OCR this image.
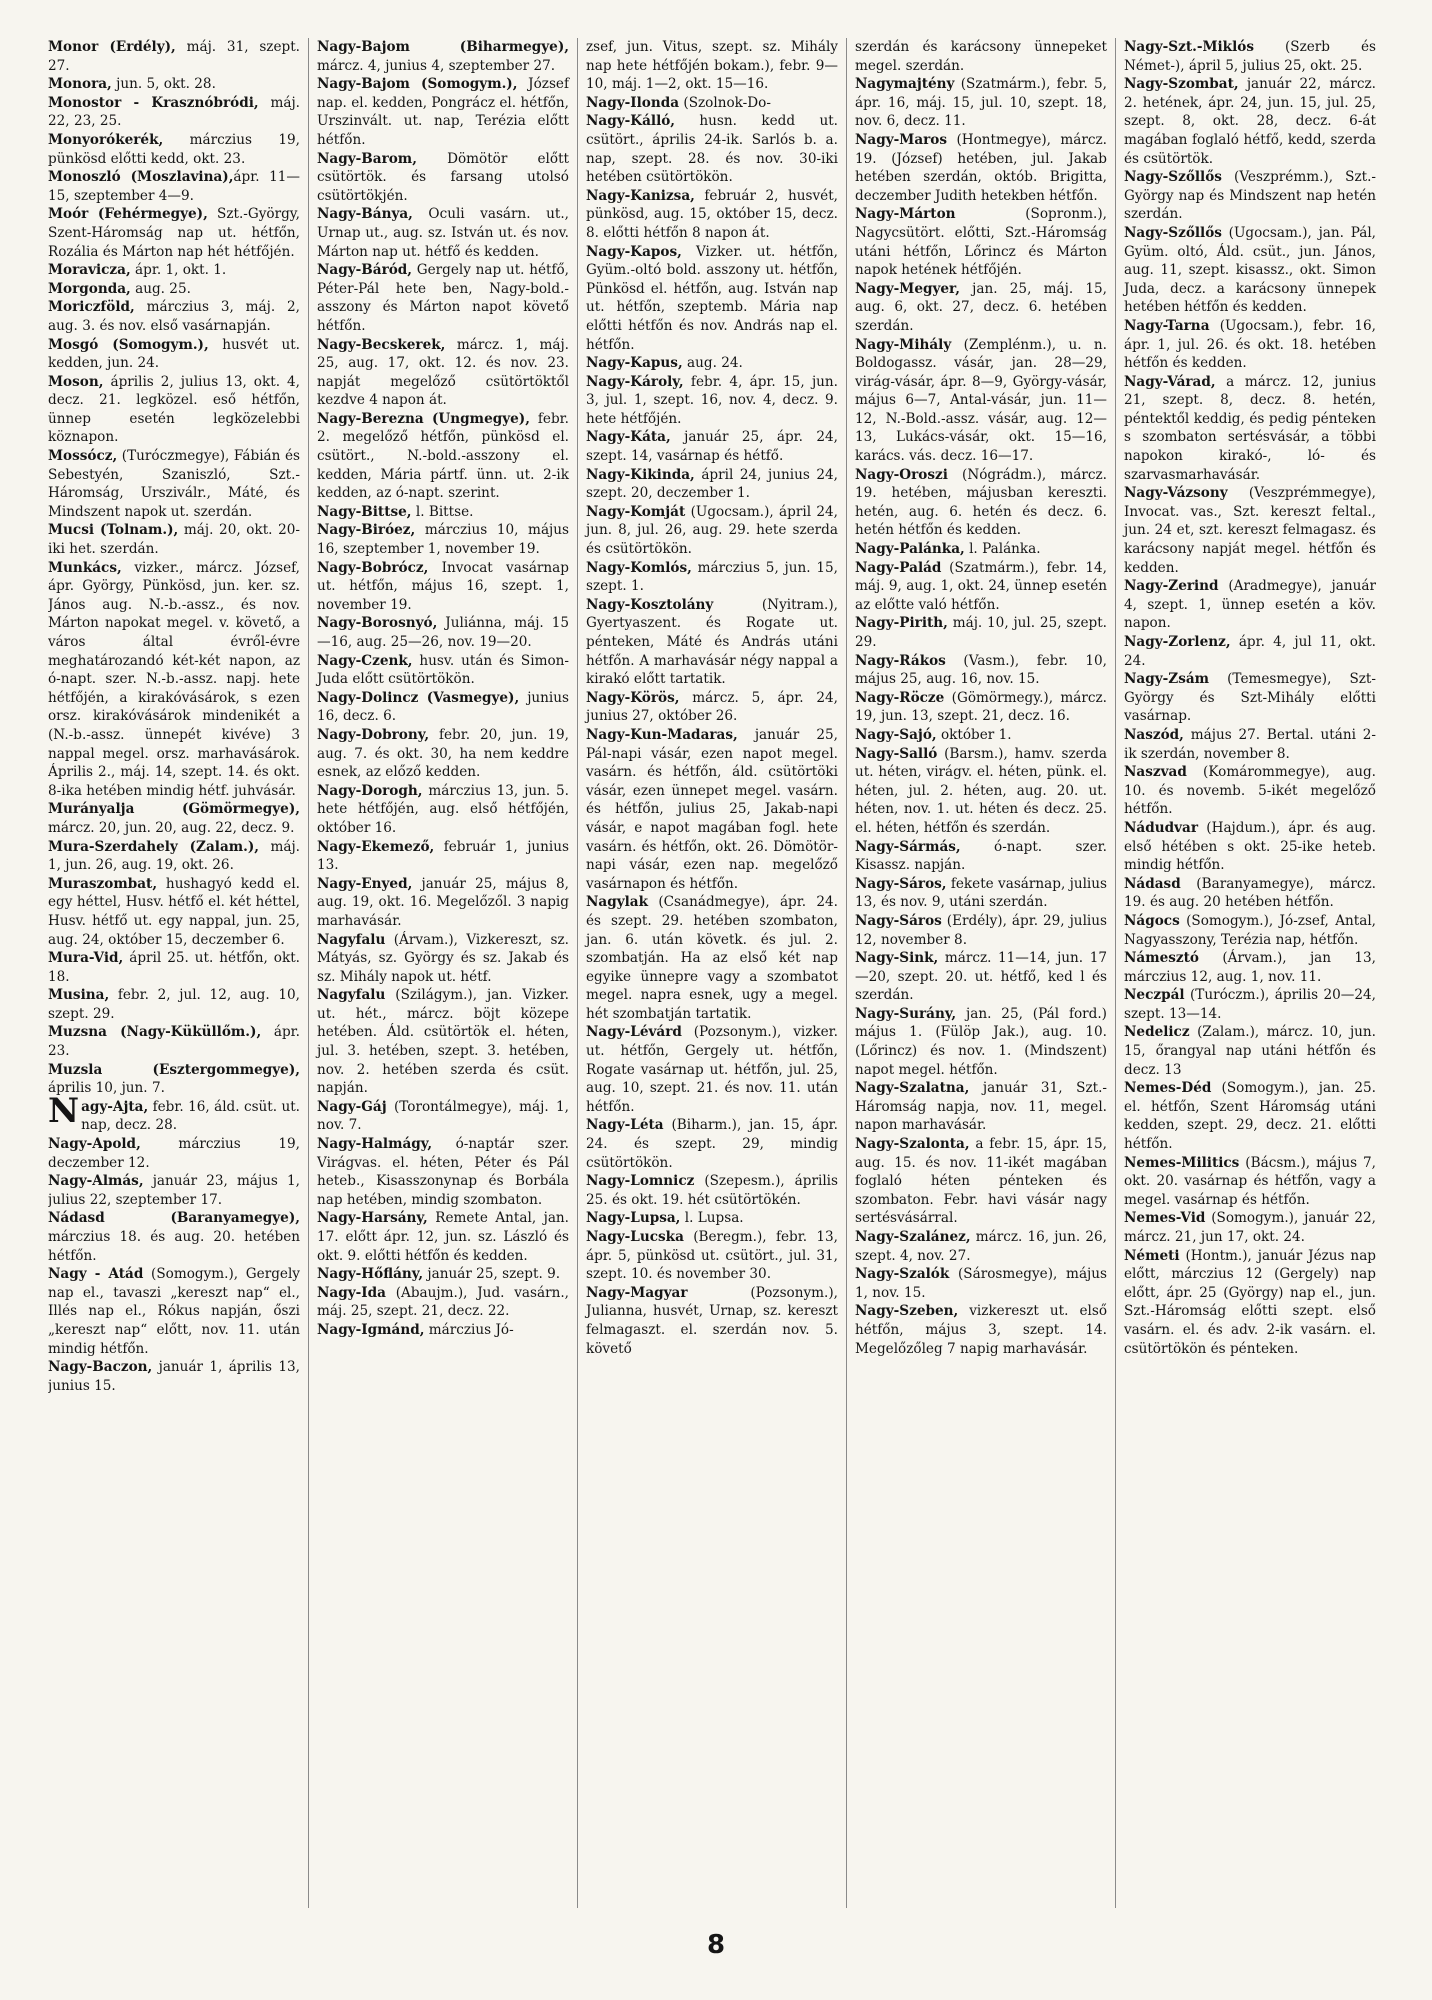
Monor (Erdély), máj. 31, szept. 27.

Monora, jun. 5, okt. 28.

Monostor - Krasznóbródi, máj. 22, 23, 25.

Monyorókerék, márczius 19, pünkösd előtti kedd, okt. 23.

Monoszló (Moszlavina),ápr. 11—15, szeptember 4—9.

Moór (Fehérmegye), Szt.-György, Szent-Háromság nap ut. hétfőn, Rozália és Márton nap hét hétfőjén.

Moravicza, ápr. 1, okt. 1.

Morgonda, aug. 25.

Moriczföld, márczius 3, máj. 2, aug. 3. és nov. első vasárnapján.

Mosgó (Somogym.), husvét ut. kedden, jun. 24.

Moson, április 2, julius 13, okt. 4, decz. 21. legközel. eső hétfőn, ünnep esetén legközelebbi köznapon.

Mossócz, (Turóczmegye), Fábián és Sebestyén, Szaniszló, Szt.-Háromság, Ursziválr., Máté, és Mindszent napok ut. szerdán.

Mucsi (Tolnam.), máj. 20, okt. 20-iki het. szerdán.

Munkács, vizker., márcz. József, ápr. György, Pünkösd, jun. ker. sz. János aug. N.-b.-assz., és nov. Márton napokat megel. v. követő, a város által évről-évre meghatározandó két-két napon, az ó-napt. szer. N.-b.-assz. napj. hete hétfőjén, a kirakóvásárok, s ezen orsz. kirakóvásárok mindenikét a (N.-b.-assz. ünnepét kivéve) 3 nappal megel. orsz. marhavásárok. Április 2., máj. 14, szept. 14. és okt. 8-ika hetében mindig hétf. juhvásár.

Murányalja (Gömörmegye), márcz. 20, jun. 20, aug. 22, decz. 9.

Mura-Szerdahely (Zalam.), máj. 1, jun. 26, aug. 19, okt. 26.

Muraszombat, hushagyó kedd el. egy héttel, Husv. hétfő el. két héttel, Husv. hétfő ut. egy nappal, jun. 25, aug. 24, október 15, deczember 6.

Mura-Vid, ápril 25. ut. hétfőn, okt. 18.

Musina, febr. 2, jul. 12, aug. 10, szept. 29.

Muzsna (Nagy-Küküllőm.), ápr. 23.

Muzsla (Esztergommegye), április 10, jun. 7.

Nagy-Ajta, febr. 16, áld. csüt. ut. nap, decz. 28.

Nagy-Apold, márczius 19, deczember 12.

Nagy-Almás, január 23, május 1, julius 22, szeptember 17.

Nádasd (Baranyamegye), márczius 18. és aug. 20. hetében hétfőn.

Nagy - Atád (Somogym.), Gergely nap el., tavaszi „kereszt nap“ el., Illés nap el., Rókus napján, őszi „kereszt nap“ előtt, nov. 11. után mindig hétfőn.

Nagy-Baczon, január 1, április 13, junius 15.

Nagy-Bajom (Biharmegye), márcz. 4, junius 4, szeptember 27.

Nagy-Bajom (Somogym.), József nap. el. kedden, Pongrácz el. hétfőn, Urszinvált. ut. nap, Terézia előtt hétfőn.

Nagy-Barom, Dömötör előtt csütörtök. és farsang utolsó csütörtökjén.

Nagy-Bánya, Oculi vasárn. ut., Urnap ut., aug. sz. István ut. és nov. Márton nap ut. hétfő és kedden.

Nagy-Báród, Gergely nap ut. hétfő, Péter-Pál hete ben, Nagy-bold.-asszony és Márton napot követő hétfőn.

Nagy-Becskerek, márcz. 1, máj. 25, aug. 17, okt. 12. és nov. 23. napját megelőző csütörtöktől kezdve 4 napon át.

Nagy-Berezna (Ungmegye), febr. 2. megelőző hétfőn, pünkösd el. csütört., N.-bold.-asszony el. kedden, Mária pártf. ünn. ut. 2-ik kedden, az ó-napt. szerint.

Nagy-Bittse, l. Bittse.

Nagy-Biróez, márczius 10, május 16, szeptember 1, november 19.

Nagy-Bobrócz, Invocat vasárnap ut. hétfőn, május 16, szept. 1, november 19.

Nagy-Borosnyó, Juliánna, máj. 15—16, aug. 25—26, nov. 19—20.

Nagy-Czenk, husv. után és Simon-Juda előtt csütörtökön.

Nagy-Dolincz (Vasmegye), junius 16, decz. 6.

Nagy-Dobrony, febr. 20, jun. 19, aug. 7. és okt. 30, ha nem keddre esnek, az előző kedden.

Nagy-Dorogh, márczius 13, jun. 5. hete hétfőjén, aug. első hétfőjén, október 16.

Nagy-Ekemező, február 1, junius 13.

Nagy-Enyed, január 25, május 8, aug. 19, okt. 16. Megelőzől. 3 napig marhavásár.

Nagyfalu (Árvam.), Vizkereszt, sz. Mátyás, sz. György és sz. Jakab és sz. Mihály napok ut. hétf.

Nagyfalu (Szilágym.), jan. Vizker. ut. hét., márcz. böjt közepe hetében. Áld. csütörtök el. héten, jul. 3. hetében, szept. 3. hetében, nov. 2. hetében szerda és csüt. napján.

Nagy-Gáj (Torontálmegye), máj. 1, nov. 7.

Nagy-Halmágy, ó-naptár szer. Virágvas. el. héten, Péter és Pál heteb., Kisasszonynap és Borbála nap hetében, mindig szombaton.

Nagy-Harsány, Remete Antal, jan. 17. előtt ápr. 12, jun. sz. László és okt. 9. előtti hétfőn és kedden.

Nagy-Hőflány, január 25, szept. 9.

Nagy-Ida (Abaujm.), Jud. vasárn., máj. 25, szept. 21, decz. 22.

Nagy-Igmánd, márczius Jó-

zsef, jun. Vitus, szept. sz. Mihály nap hete hétfőjén bokam.), febr. 9—10, máj. 1—2, okt. 15—16.

Nagy-Ilonda (Szolnok-Do-

Nagy-Kálló, husn. kedd ut. csütört., április 24-ik. Sarlós b. a. nap, szept. 28. és nov. 30-iki hetében csütörtökön.

Nagy-Kanizsa, február 2, husvét, pünkösd, aug. 15, október 15, decz. 8. előtti hétfőn 8 napon át.

Nagy-Kapos, Vizker. ut. hétfőn, Gyüm.-oltó bold. asszony ut. hétfőn, Pünkösd el. hétfőn, aug. István nap ut. hétfőn, szeptemb. Mária nap előtti hétfőn és nov. András nap el. hétfőn.

Nagy-Kapus, aug. 24.

Nagy-Károly, febr. 4, ápr. 15, jun. 3, jul. 1, szept. 16, nov. 4, decz. 9. hete hétfőjén.

Nagy-Káta, január 25, ápr. 24, szept. 14, vasárnap és hétfő.

Nagy-Kikinda, ápril 24, junius 24, szept. 20, deczember 1.

Nagy-Komját (Ugocsam.), ápril 24, jun. 8, jul. 26, aug. 29. hete szerda és csütörtökön.

Nagy-Komlós, márczius 5, jun. 15, szept. 1.

Nagy-Kosztolány (Nyitram.), Gyertyaszent. és Rogate ut. pénteken, Máté és András utáni hétfőn. A marhavásár négy nappal a kirakó előtt tartatik.

Nagy-Körös, márcz. 5, ápr. 24, junius 27, október 26.

Nagy-Kun-Madaras, január 25, Pál-napi vásár, ezen napot megel. vasárn. és hétfőn, áld. csütörtöki vásár, ezen ünnepet megel. vasárn. és hétfőn, julius 25, Jakab-napi vásár, e napot magában fogl. hete vasárn. és hétfőn, okt. 26. Dömötör-napi vásár, ezen nap. megelőző vasárnapon és hétfőn.

Nagylak (Csanádmegye), ápr. 24. és szept. 29. hetében szombaton, jan. 6. után követk. és jul. 2. szombatján. Ha az első két nap egyike ünnepre vagy a szombatot megel. napra esnek, ugy a megel. hét szombatján tartatik.

Nagy-Lévárd (Pozsonym.), vizker. ut. hétfőn, Gergely ut. hétfőn, Rogate vasárnap ut. hétfőn, jul. 25, aug. 10, szept. 21. és nov. 11. után hétfőn.

Nagy-Léta (Biharm.), jan. 15, ápr. 24. és szept. 29, mindig csütörtökön.

Nagy-Lomnicz (Szepesm.), április 25. és okt. 19. hét csütörtökén.

Nagy-Lupsa, l. Lupsa.

Nagy-Lucska (Beregm.), febr. 13, ápr. 5, pünkösd ut. csütört., jul. 31, szept. 10. és november 30.

Nagy-Magyar (Pozsonym.), Julianna, husvét, Urnap, sz. kereszt felmagaszt. el. szerdán nov. 5. követő

szerdán és karácsony ünnepeket megel. szerdán.

Nagymajtény (Szatmárm.), febr. 5, ápr. 16, máj. 15, jul. 10, szept. 18, nov. 6, decz. 11.

Nagy-Maros (Hontmegye), márcz. 19. (József) hetében, jul. Jakab hetében szerdán, októb. Brigitta, deczember Judith hetekben hétfőn.

Nagy-Márton (Sopronm.), Nagycsütört. előtti, Szt.-Háromság utáni hétfőn, Lőrincz és Márton napok hetének hétfőjén.

Nagy-Megyer, jan. 25, máj. 15, aug. 6, okt. 27, decz. 6. hetében szerdán.

Nagy-Mihály (Zemplénm.), u. n. Boldogassz. vásár, jan. 28—29, virág-vásár, ápr. 8—9, György-vásár, május 6—7, Antal-vásár, jun. 11—12, N.-Bold.-assz. vásár, aug. 12—13, Lukács-vásár, okt. 15—16, karács. vás. decz. 16—17.

Nagy-Oroszi (Nógrádm.), márcz. 19. hetében, májusban kereszti. hetén, aug. 6. hetén és decz. 6. hetén hétfőn és kedden.

Nagy-Palánka, l. Palánka.

Nagy-Palád (Szatmárm.), febr. 14, máj. 9, aug. 1, okt. 24, ünnep esetén az előtte való hétfőn.

Nagy-Pirith, máj. 10, jul. 25, szept. 29.

Nagy-Rákos (Vasm.), febr. 10, május 25, aug. 16, nov. 15.

Nagy-Röcze (Gömörmegy.), márcz. 19, jun. 13, szept. 21, decz. 16.

Nagy-Sajó, október 1.

Nagy-Salló (Barsm.), hamv. szerda ut. héten, virágv. el. héten, pünk. el. héten, jul. 2. héten, aug. 20. ut. héten, nov. 1. ut. héten és decz. 25. el. héten, hétfőn és szerdán.

Nagy-Sármás, ó-napt. szer. Kisassz. napján.

Nagy-Sáros, fekete vasárnap, julius 13, és nov. 9, utáni szerdán.

Nagy-Sáros (Erdély), ápr. 29, julius 12, november 8.

Nagy-Sink, márcz. 11—14, jun. 17—20, szept. 20. ut. hétfő, ked l és szerdán.

Nagy-Surány, jan. 25, (Pál ford.) május 1. (Fülöp Jak.), aug. 10. (Lőrincz) és nov. 1. (Mindszent) napot megel. hétfőn.

Nagy-Szalatna, január 31, Szt.-Háromság napja, nov. 11, megel. napon marhavásár.

Nagy-Szalonta, a febr. 15, ápr. 15, aug. 15. és nov. 11-ikét magában foglaló héten pénteken és szombaton. Febr. havi vásár nagy sertésvásárral.

Nagy-Szalánez, márcz. 16, jun. 26, szept. 4, nov. 27.

Nagy-Szalók (Sárosmegye), május 1, nov. 15.

Nagy-Szeben, vizkereszt ut. első hétfőn, május 3, szept. 14. Megelőzőleg 7 napig marhavásár.

Nagy-Szt.-Miklós (Szerb és Német-), ápril 5, julius 25, okt. 25.

Nagy-Szombat, január 22, márcz. 2. hetének, ápr. 24, jun. 15, jul. 25, szept. 8, okt. 28, decz. 6-át magában foglaló hétfő, kedd, szerda és csütörtök.

Nagy-Szőllős (Veszprémm.), Szt.-György nap és Mindszent nap hetén szerdán.

Nagy-Szőllős (Ugocsam.), jan. Pál, Gyüm. oltó, Áld. csüt., jun. János, aug. 11, szept. kisassz., okt. Simon Juda, decz. a karácsony ünnepek hetében hétfőn és kedden.

Nagy-Tarna (Ugocsam.), febr. 16, ápr. 1, jul. 26. és okt. 18. hetében hétfőn és kedden.

Nagy-Várad, a márcz. 12, junius 21, szept. 8, decz. 8. hetén, péntektől keddig, és pedig pénteken s szombaton sertésvásár, a többi napokon kirakó-, ló- és szarvasmarhavásár.

Nagy-Vázsony (Veszprémmegye), Invocat. vas., Szt. kereszt feltal., jun. 24 et, szt. kereszt felmagasz. és karácsony napját megel. hétfőn és kedden.

Nagy-Zerind (Aradmegye), január 4, szept. 1, ünnep esetén a köv. napon.

Nagy-Zorlenz, ápr. 4, jul 11, okt. 24.

Nagy-Zsám (Temesmegye), Szt-György és Szt-Mihály előtti vasárnap.

Naszód, május 27. Bertal. utáni 2-ik szerdán, november 8.

Naszvad (Komárommegye), aug. 10. és novemb. 5-ikét megelőző hétfőn.

Nádudvar (Hajdum.), ápr. és aug. első hétében s okt. 25-ike heteb. mindig hétfőn.

Nádasd (Baranyamegye), márcz. 19. és aug. 20 hetében hétfőn.

Nágocs (Somogym.), Jó-zsef, Antal, Nagyasszony, Terézia nap, hétfőn.

Námesztó (Árvam.), jan 13, márczius 12, aug. 1, nov. 11.

Neczpál (Turóczm.), április 20—24, szept. 13—14.

Nedelicz (Zalam.), márcz. 10, jun. 15, őrangyal nap utáni hétfőn és decz. 13

Nemes-Déd (Somogym.), jan. 25. el. hétfőn, Szent Háromság utáni kedden, szept. 29, decz. 21. előtti hétfőn.

Nemes-Militics (Bácsm.), május 7, okt. 20. vasárnap és hétfőn, vagy a megel. vasárnap és hétfőn.

Nemes-Vid (Somogym.), január 22, márcz. 21, jun 17, okt. 24.

Németi (Hontm.), január Jézus nap előtt, márczius 12 (Gergely) nap előtt, ápr. 25 (György) nap el., jun. Szt.-Háromság előtti szept. első vasárn. el. és adv. 2-ik vasárn. el. csütörtökön és pénteken.

8
